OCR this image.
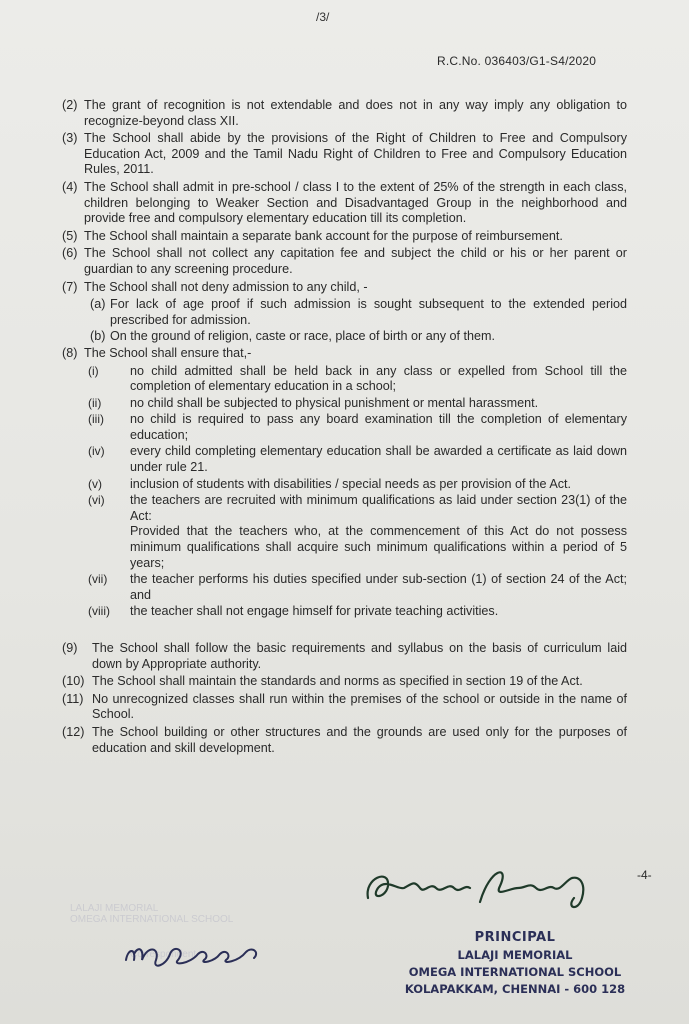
/3/
R.C.No. 036403/G1-S4/2020
(2) The grant of recognition is not extendable and does not in any way imply any obligation to recognize-beyond class XII.
(3) The School shall abide by the provisions of the Right of Children to Free and Compulsory Education Act, 2009 and the Tamil Nadu Right of Children to Free and Compulsory Education Rules, 2011.
(4) The School shall admit in pre-school / class I to the extent of 25% of the strength in each class, children belonging to Weaker Section and Disadvantaged Group in the neighborhood and provide free and compulsory elementary education till its completion.
(5) The School shall maintain a separate bank account for the purpose of reimbursement.
(6) The School shall not collect any capitation fee and subject the child or his or her parent or guardian to any screening procedure.
(7) The School shall not deny admission to any child, -
(a) For lack of age proof if such admission is sought subsequent to the extended period prescribed for admission.
(b) On the ground of religion, caste or race, place of birth or any of them.
(8) The School shall ensure that,-
(i)	no child admitted shall be held back in any class or expelled from School till the completion of elementary education in a school;
(ii)	no child shall be subjected to physical punishment or mental harassment.
(iii)	no child is required to pass any board examination till the completion of elementary education;
(iv)	every child completing elementary education shall be awarded a certificate as laid down under rule 21.
(v)	inclusion of students with disabilities / special needs as per provision of the Act.
(vi)	the teachers are recruited with minimum qualifications as laid under section 23(1) of the Act:
Provided that the teachers who, at the commencement of this Act do not possess minimum qualifications shall acquire such minimum qualifications within a period of 5 years;
(vii)	the teacher performs his duties specified under sub-section (1) of section 24 of the Act; and
(viii)	the teacher shall not engage himself for private teaching activities.
(9)	The School shall follow the basic requirements and syllabus on the basis of curriculum laid down by Appropriate authority.
(10) The School shall maintain the standards and norms as specified in section 19 of the Act.
(11) No unrecognized classes shall run within the premises of the school or outside in the name of School.
(12) The School building or other structures and the grounds are used only for the purposes of education and skill development.
-4-
LALAJI MEMORIAL
OMEGA INTERNATIONAL SCHOOL
Correspondent
PRINCIPAL
LALAJI MEMORIAL
OMEGA INTERNATIONAL SCHOOL
KOLAPAKKAM, CHENNAI - 600 128
